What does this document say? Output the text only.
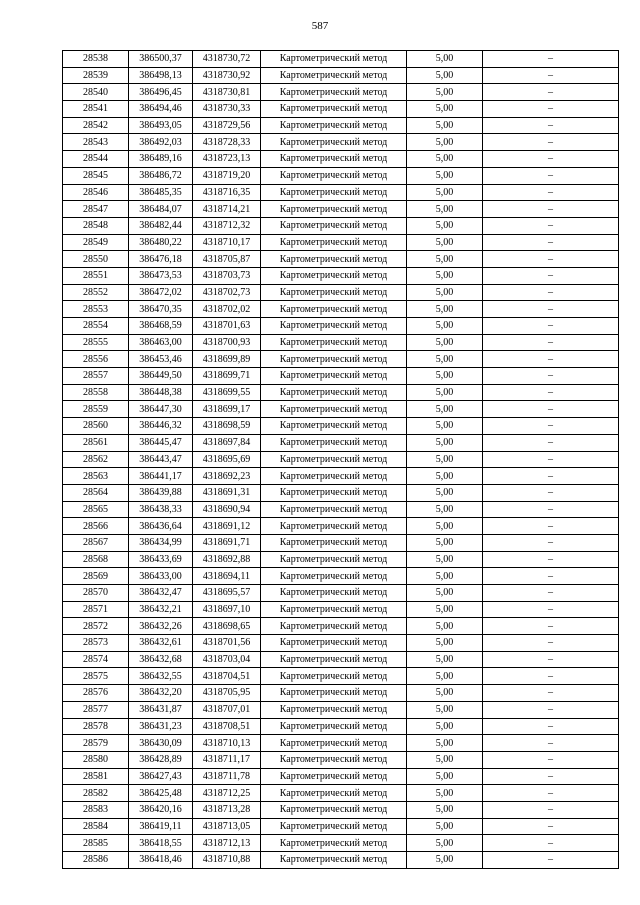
587
28538	386500,37	4318730,72	Картометрический метод	5,00	–
28539	386498,13	4318730,92	Картометрический метод	5,00	–
28540	386496,45	4318730,81	Картометрический метод	5,00	–
28541	386494,46	4318730,33	Картометрический метод	5,00	–
28542	386493,05	4318729,56	Картометрический метод	5,00	–
28543	386492,03	4318728,33	Картометрический метод	5,00	–
28544	386489,16	4318723,13	Картометрический метод	5,00	–
28545	386486,72	4318719,20	Картометрический метод	5,00	–
28546	386485,35	4318716,35	Картометрический метод	5,00	–
28547	386484,07	4318714,21	Картометрический метод	5,00	–
28548	386482,44	4318712,32	Картометрический метод	5,00	–
28549	386480,22	4318710,17	Картометрический метод	5,00	–
28550	386476,18	4318705,87	Картометрический метод	5,00	–
28551	386473,53	4318703,73	Картометрический метод	5,00	–
28552	386472,02	4318702,73	Картометрический метод	5,00	–
28553	386470,35	4318702,02	Картометрический метод	5,00	–
28554	386468,59	4318701,63	Картометрический метод	5,00	–
28555	386463,00	4318700,93	Картометрический метод	5,00	–
28556	386453,46	4318699,89	Картометрический метод	5,00	–
28557	386449,50	4318699,71	Картометрический метод	5,00	–
28558	386448,38	4318699,55	Картометрический метод	5,00	–
28559	386447,30	4318699,17	Картометрический метод	5,00	–
28560	386446,32	4318698,59	Картометрический метод	5,00	–
28561	386445,47	4318697,84	Картометрический метод	5,00	–
28562	386443,47	4318695,69	Картометрический метод	5,00	–
28563	386441,17	4318692,23	Картометрический метод	5,00	–
28564	386439,88	4318691,31	Картометрический метод	5,00	–
28565	386438,33	4318690,94	Картометрический метод	5,00	–
28566	386436,64	4318691,12	Картометрический метод	5,00	–
28567	386434,99	4318691,71	Картометрический метод	5,00	–
28568	386433,69	4318692,88	Картометрический метод	5,00	–
28569	386433,00	4318694,11	Картометрический метод	5,00	–
28570	386432,47	4318695,57	Картометрический метод	5,00	–
28571	386432,21	4318697,10	Картометрический метод	5,00	–
28572	386432,26	4318698,65	Картометрический метод	5,00	–
28573	386432,61	4318701,56	Картометрический метод	5,00	–
28574	386432,68	4318703,04	Картометрический метод	5,00	–
28575	386432,55	4318704,51	Картометрический метод	5,00	–
28576	386432,20	4318705,95	Картометрический метод	5,00	–
28577	386431,87	4318707,01	Картометрический метод	5,00	–
28578	386431,23	4318708,51	Картометрический метод	5,00	–
28579	386430,09	4318710,13	Картометрический метод	5,00	–
28580	386428,89	4318711,17	Картометрический метод	5,00	–
28581	386427,43	4318711,78	Картометрический метод	5,00	–
28582	386425,48	4318712,25	Картометрический метод	5,00	–
28583	386420,16	4318713,28	Картометрический метод	5,00	–
28584	386419,11	4318713,05	Картометрический метод	5,00	–
28585	386418,55	4318712,13	Картометрический метод	5,00	–
28586	386418,46	4318710,88	Картометрический метод	5,00	–
